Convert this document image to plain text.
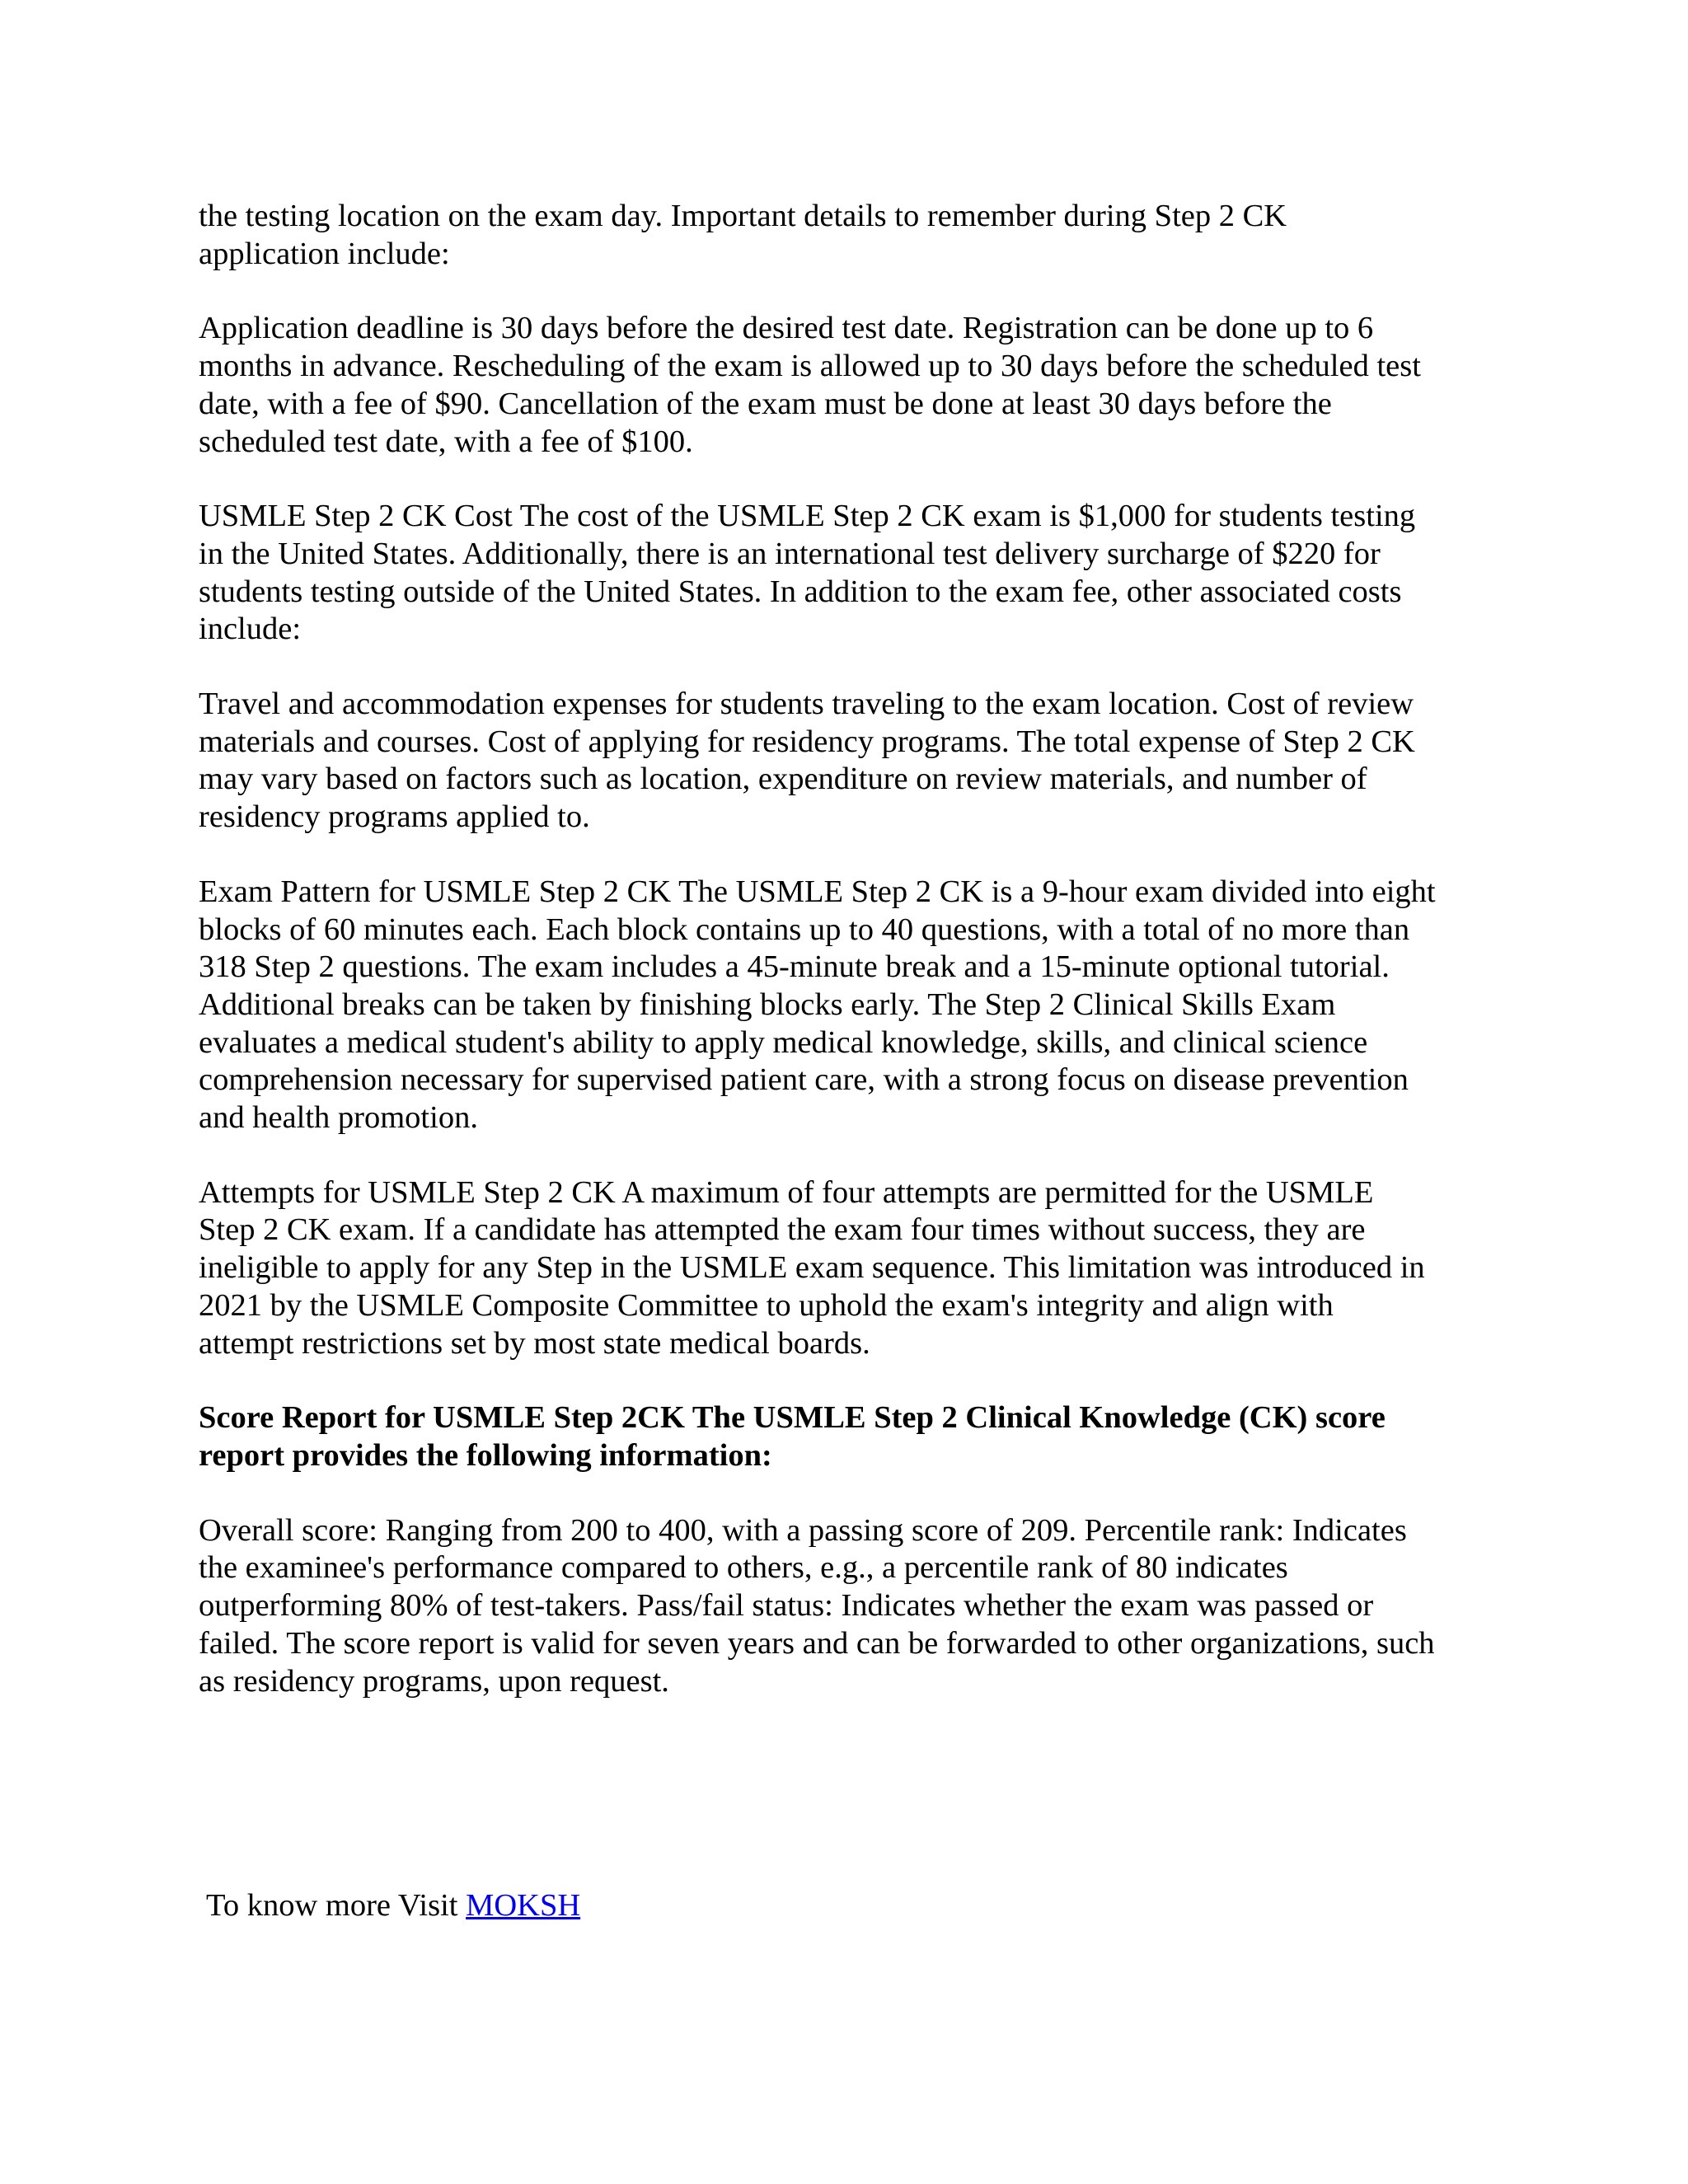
the testing location on the exam day. Important details to remember during Step 2 CK
application include:

Application deadline is 30 days before the desired test date. Registration can be done up to 6
months in advance. Rescheduling of the exam is allowed up to 30 days before the scheduled test
date, with a fee of $90. Cancellation of the exam must be done at least 30 days before the
scheduled test date, with a fee of $100.

USMLE Step 2 CK Cost The cost of the USMLE Step 2 CK exam is $1,000 for students testing
in the United States. Additionally, there is an international test delivery surcharge of $220 for
students testing outside of the United States. In addition to the exam fee, other associated costs
include:

Travel and accommodation expenses for students traveling to the exam location. Cost of review
materials and courses. Cost of applying for residency programs. The total expense of Step 2 CK
may vary based on factors such as location, expenditure on review materials, and number of
residency programs applied to.

Exam Pattern for USMLE Step 2 CK The USMLE Step 2 CK is a 9-hour exam divided into eight
blocks of 60 minutes each. Each block contains up to 40 questions, with a total of no more than
318 Step 2 questions. The exam includes a 45-minute break and a 15-minute optional tutorial.
Additional breaks can be taken by finishing blocks early. The Step 2 Clinical Skills Exam
evaluates a medical student's ability to apply medical knowledge, skills, and clinical science
comprehension necessary for supervised patient care, with a strong focus on disease prevention
and health promotion.

Attempts for USMLE Step 2 CK A maximum of four attempts are permitted for the USMLE
Step 2 CK exam. If a candidate has attempted the exam four times without success, they are
ineligible to apply for any Step in the USMLE exam sequence. This limitation was introduced in
2021 by the USMLE Composite Committee to uphold the exam's integrity and align with
attempt restrictions set by most state medical boards.

Score Report for USMLE Step 2CK The USMLE Step 2 Clinical Knowledge (CK) score
report provides the following information:

Overall score: Ranging from 200 to 400, with a passing score of 209. Percentile rank: Indicates
the examinee's performance compared to others, e.g., a percentile rank of 80 indicates
outperforming 80% of test-takers. Pass/fail status: Indicates whether the exam was passed or
failed. The score report is valid for seven years and can be forwarded to other organizations, such
as residency programs, upon request.

To know more Visit MOKSH
